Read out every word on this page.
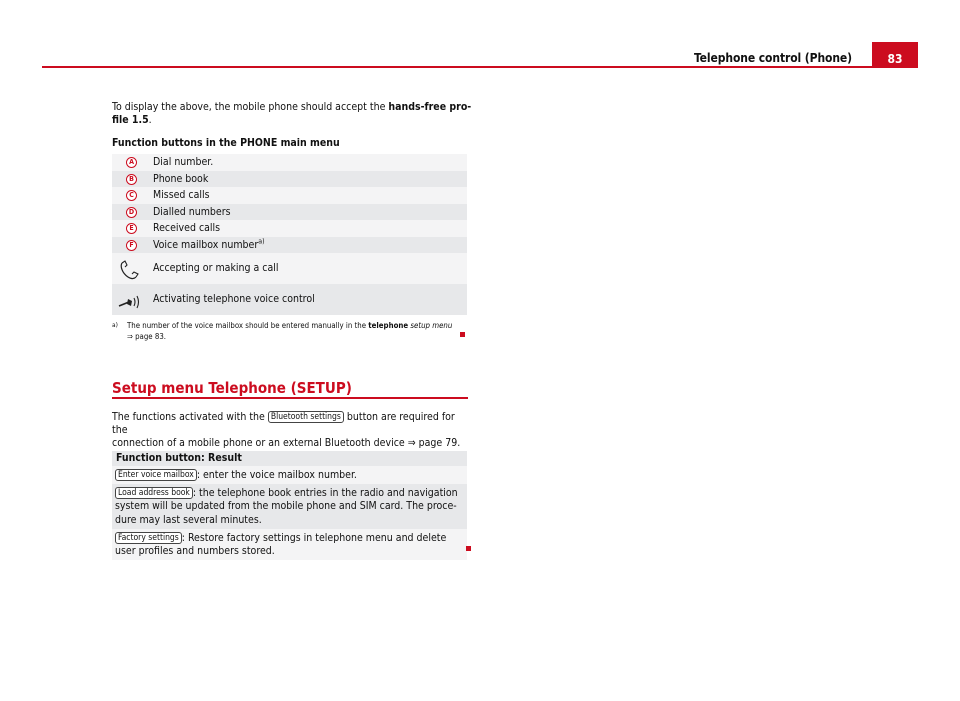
Telephone control (Phone)	83
To display the above, the mobile phone should accept the hands-free pro-file 1.5.
Function buttons in the PHONE main menu
A Dial number.
B Phone book
C	Missed calls
D Dialled numbers
E	Received calls
F	Voice mailbox number$^{a)}$
Accepting or making a call
Activating telephone voice control
a) The number of the voice mailbox should be entered manually in the telephone setup menu
⇒ page 83.
Setup menu Telephone (SETUP)
The functions activated with the Bluetooth settings button are required for the
connection of a mobile phone or an external Bluetooth device ⇒ page 79.
Function button: Result
Enter voice mailbox : enter the voice mailbox number.
Load address book : the telephone book entries in the radio and navigation system will be updated from the mobile phone and SIM card. The proce-dure may last several minutes.
Factory settings : Restore factory settings in telephone menu and delete user profiles and numbers stored.
